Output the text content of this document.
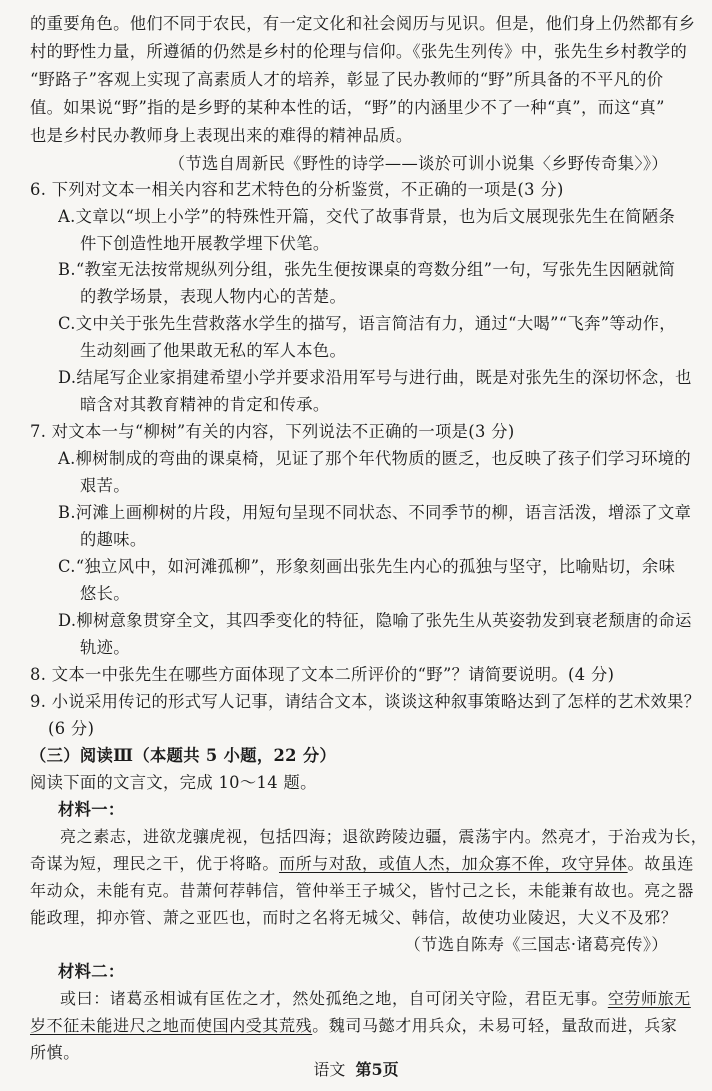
的重要角色。他们不同于农民，有一定文化和社会阅历与见识。但是，他们身上仍然都有乡
村的野性力量，所遵循的仍然是乡村的伦理与信仰。《张先生列传》中，张先生乡村教学的
“野路子”客观上实现了高素质人才的培养，彰显了民办教师的“野”所具备的不平凡的价
值。如果说“野”指的是乡野的某种本性的话，“野”的内涵里少不了一种“真”，而这“真”
也是乡村民办教师身上表现出来的难得的精神品质。
（节选自周新民《野性的诗学——谈於可训小说集〈乡野传奇集〉》）
6. 下列对文本一相关内容和艺术特色的分析鉴赏，不正确的一项是(3 分)
A.文章以“坝上小学”的特殊性开篇，交代了故事背景，也为后文展现张先生在简陋条
件下创造性地开展教学埋下伏笔。
B.“教室无法按常规纵列分组，张先生便按课桌的弯数分组”一句，写张先生因陋就简
的教学场景，表现人物内心的苦楚。
C.文中关于张先生营救落水学生的描写，语言简洁有力，通过“大喝”“飞奔”等动作，
生动刻画了他果敢无私的军人本色。
D.结尾写企业家捐建希望小学并要求沿用军号与进行曲，既是对张先生的深切怀念，也
暗含对其教育精神的肯定和传承。
7. 对文本一与“柳树”有关的内容，下列说法不正确的一项是(3 分)
A.柳树制成的弯曲的课桌椅，见证了那个年代物质的匮乏，也反映了孩子们学习环境的
艰苦。
B.河滩上画柳树的片段，用短句呈现不同状态、不同季节的柳，语言活泼，增添了文章
的趣味。
C.“独立风中，如河滩孤柳”，形象刻画出张先生内心的孤独与坚守，比喻贴切，余味
悠长。
D.柳树意象贯穿全文，其四季变化的特征，隐喻了张先生从英姿勃发到衰老颓唐的命运
轨迹。
8. 文本一中张先生在哪些方面体现了文本二所评价的“野”？请简要说明。(4 分)
9. 小说采用传记的形式写人记事，请结合文本，谈谈这种叙事策略达到了怎样的艺术效果？
(6 分)
（三）阅读Ⅲ（本题共 5 小题，22 分）
阅读下面的文言文，完成 10～14 题。
材料一：
亮之素志，进欲龙骧虎视，包括四海；退欲跨陵边疆，震荡宇内。然亮才，于治戎为长，
奇谋为短，理民之干，优于将略。而所与对敌，或值人杰，加众寡不侔，攻守异体。故虽连
年动众，未能有克。昔萧何荐韩信，管仲举王子城父，皆忖己之长，未能兼有故也。亮之器
能政理，抑亦管、萧之亚匹也，而时之名将无城父、韩信，故使功业陵迟，大义不及邪？
（节选自陈寿《三国志·诸葛亮传》）
材料二：
或曰：诸葛丞相诚有匡佐之才，然处孤绝之地，自可闭关守险，君臣无事。空劳师旅无
岁不征未能进尺之地而使国内受其荒残。魏司马懿才用兵众，未易可轻，量敌而进，兵家
所慎。
语文 第5页
